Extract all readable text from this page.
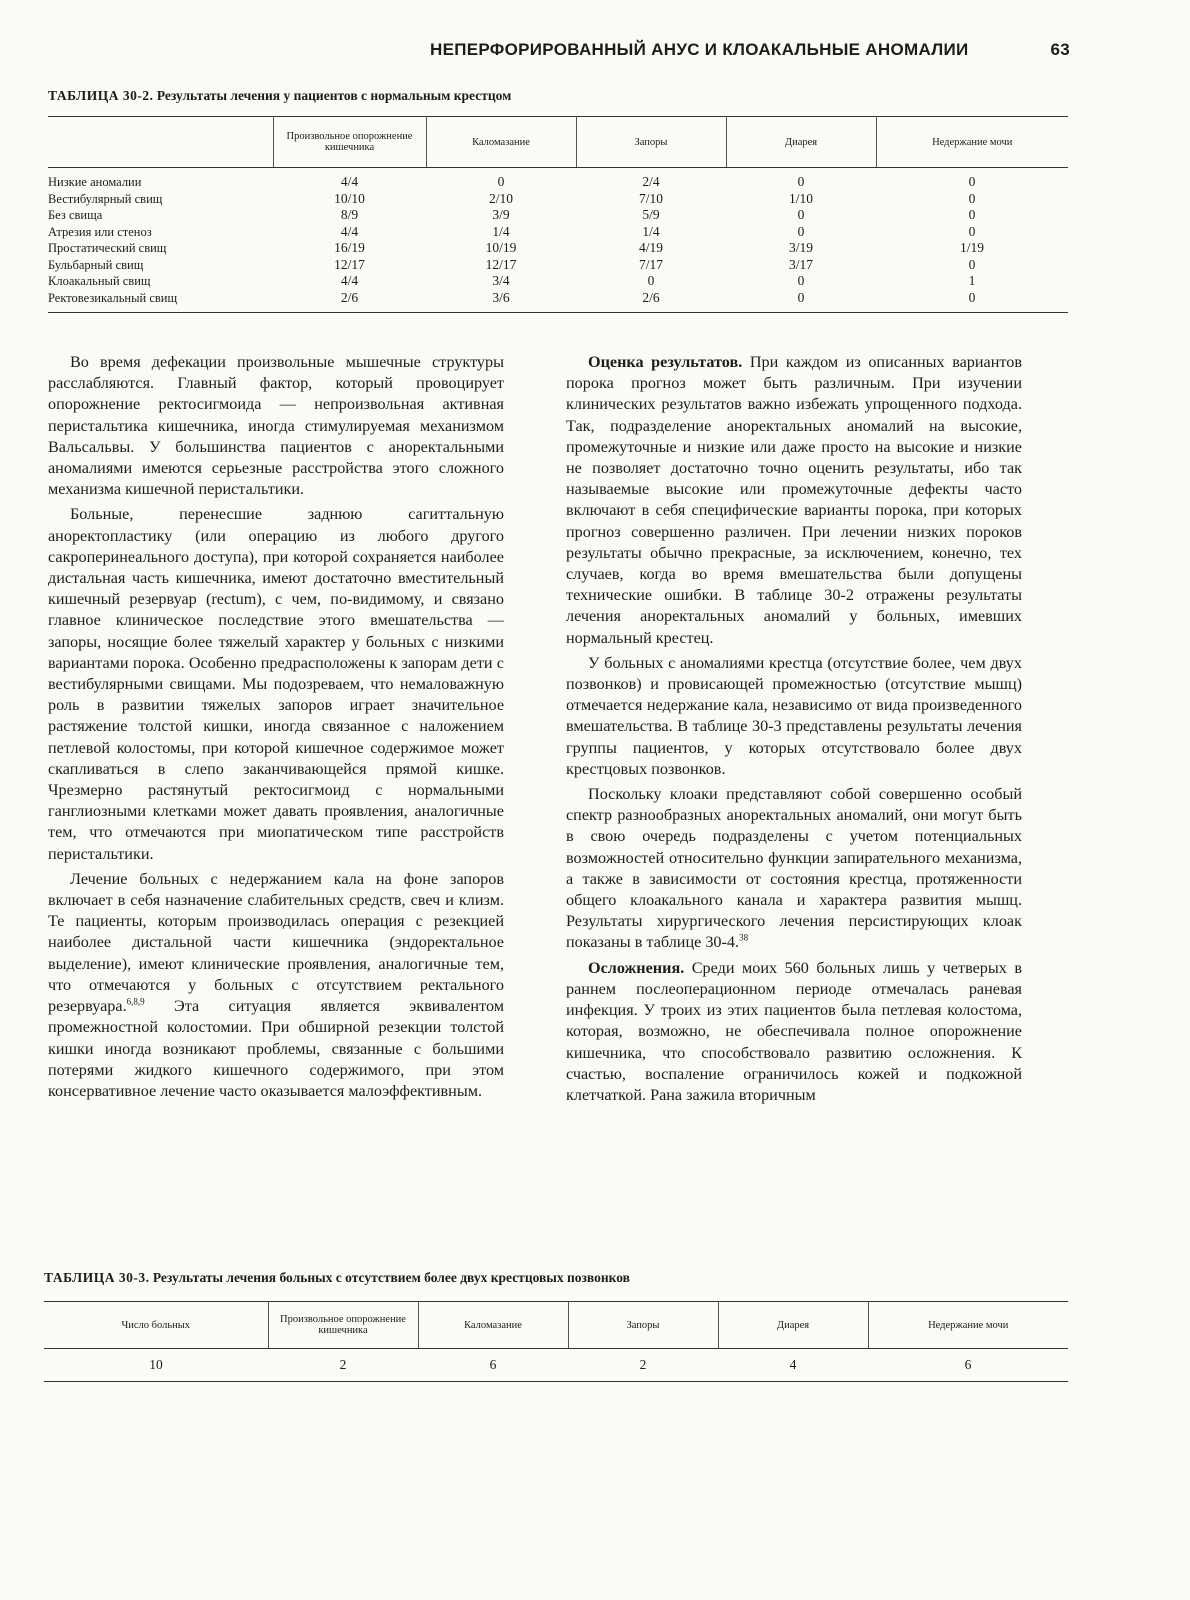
НЕПЕРФОРИРОВАННЫЙ АНУС И КЛОАКАЛЬНЫЕ АНОМАЛИИ	63
ТАБЛИЦА 30-2. Результаты лечения у пациентов с нормальным крестцом
	Произвольное опорожнение кишечника	Каломазание	Запоры	Диарея	Недержание мочи
Низкие аномалии	4/4	0	2/4	0	0
Вестибулярный свищ	10/10	2/10	7/10	1/10	0
Без свища	8/9	3/9	5/9	0	0
Атрезия или стеноз	4/4	1/4	1/4	0	0
Простатический свищ	16/19	10/19	4/19	3/19	1/19
Бульбарный свищ	12/17	12/17	7/17	3/17	0
Клоакальный свищ	4/4	3/4	0	0	1
Ректовезикальный свищ	2/6	3/6	2/6	0	0

Во время дефекации произвольные мышечные структуры расслабляются. Главный фактор, который провоцирует опорожнение ректосигмоида — непроизвольная активная перистальтика кишечника, иногда стимулируемая механизмом Вальсальвы. У большинства пациентов с аноректальными аномалиями имеются серьезные расстройства этого сложного механизма кишечной перистальтики.

Больные, перенесшие заднюю сагиттальную аноректопластику (или операцию из любого другого сакроперинеального доступа), при которой сохраняется наиболее дистальная часть кишечника, имеют достаточно вместительный кишечный резервуар (rectum), с чем, по-видимому, и связано главное клиническое последствие этого вмешательства — запоры, носящие более тяжелый характер у больных с низкими вариантами порока. Особенно предрасположены к запорам дети с вестибулярными свищами. Мы подозреваем, что немаловажную роль в развитии тяжелых запоров играет значительное растяжение толстой кишки, иногда связанное с наложением петлевой колостомы, при которой кишечное содержимое может скапливаться в слепо заканчивающейся прямой кишке. Чрезмерно растянутый ректосигмоид с нормальными ганглиозными клетками может давать проявления, аналогичные тем, что отмечаются при миопатическом типе расстройств перистальтики.

Лечение больных с недержанием кала на фоне запоров включает в себя назначение слабительных средств, свеч и клизм. Те пациенты, которым производилась операция с резекцией наиболее дистальной части кишечника (эндоректальное выделение), имеют клинические проявления, аналогичные тем, что отмечаются у больных с отсутствием ректального резервуара.$^{6,8,9}$ Эта ситуация является эквивалентом промежностной колостомии. При обширной резекции толстой кишки иногда возникают проблемы, связанные с большими потерями жидкого кишечного содержимого, при этом консервативное лечение часто оказывается малоэффективным.

Оценка результатов. При каждом из описанных вариантов порока прогноз может быть различным. При изучении клинических результатов важно избежать упрощенного подхода. Так, подразделение аноректальных аномалий на высокие, промежуточные и низкие или даже просто на высокие и низкие не позволяет достаточно точно оценить результаты, ибо так называемые высокие или промежуточные дефекты часто включают в себя специфические варианты порока, при которых прогноз совершенно различен. При лечении низких пороков результаты обычно прекрасные, за исключением, конечно, тех случаев, когда во время вмешательства были допущены технические ошибки. В таблице 30-2 отражены результаты лечения аноректальных аномалий у больных, имевших нормальный крестец.

У больных с аномалиями крестца (отсутствие более, чем двух позвонков) и провисающей промежностью (отсутствие мышц) отмечается недержание кала, независимо от вида произведенного вмешательства. В таблице 30-3 представлены результаты лечения группы пациентов, у которых отсутствовало более двух крестцовых позвонков.

Поскольку клоаки представляют собой совершенно особый спектр разнообразных аноректальных аномалий, они могут быть в свою очередь подразделены с учетом потенциальных возможностей относительно функции запирательного механизма, а также в зависимости от состояния крестца, протяженности общего клоакального канала и характера развития мышц. Результаты хирургического лечения персистирующих клоак показаны в таблице 30-4.38

Осложнения. Среди моих 560 больных лишь у четверых в раннем послеоперационном периоде отмечалась раневая инфекция. У троих из этих пациентов была петлевая колостома, которая, возможно, не обеспечивала полное опорожнение кишечника, что способствовало развитию осложнения. К счастью, воспаление ограничилось кожей и подкожной клетчаткой. Рана зажила вторичным

ТАБЛИЦА 30-3. Результаты лечения больных с отсутствием более двух крестцовых позвонков
Число больных	Произвольное опорожнение кишечника	Каломазание	Запоры	Диарея	Недержание мочи
10	2	6	2	4	6
